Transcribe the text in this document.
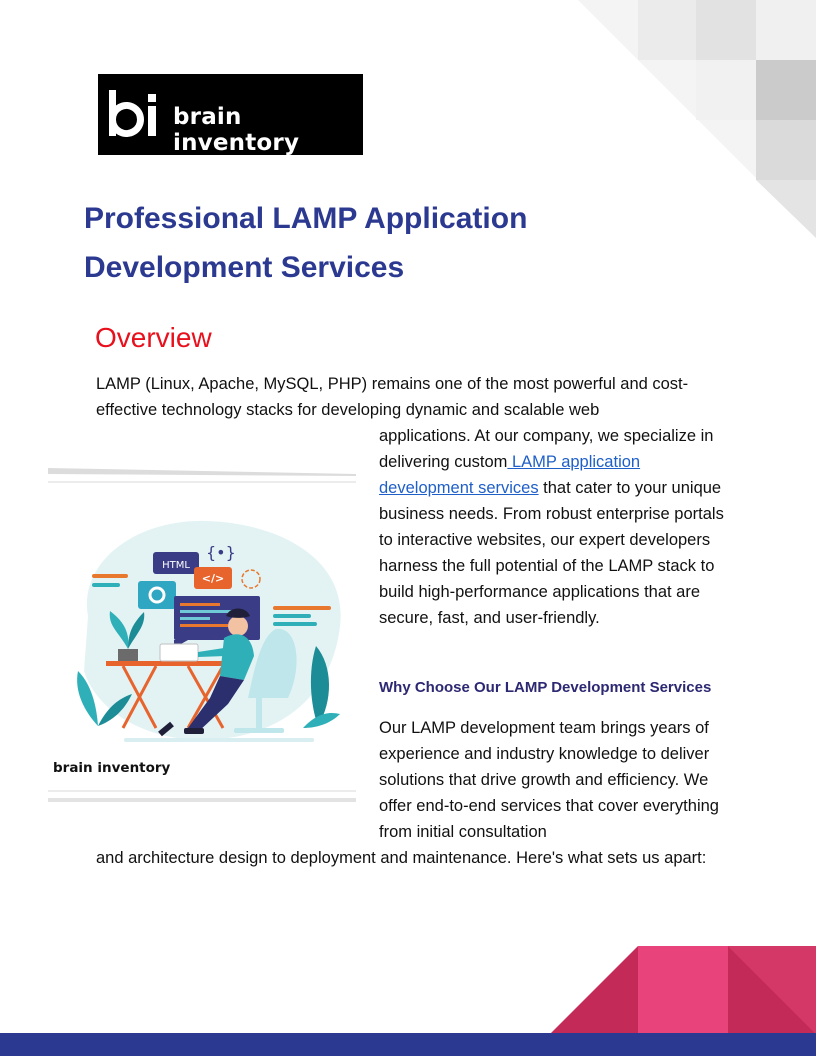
brain inventory
Professional LAMP Application Development Services
Overview

LAMP (Linux, Apache, MySQL, PHP) remains one of the most powerful and cost-effective technology stacks for developing dynamic and scalable web

applications. At our company, we specialize in delivering custom LAMP application development services that cater to your unique business needs. From robust enterprise portals to interactive websites, our expert developers harness the full potential of the LAMP stack to build high-performance applications that are secure, fast, and user-friendly.

HTML
{•}
</>
brain inventory
Why Choose Our LAMP Development Services

Our LAMP development team brings years of experience and industry knowledge to deliver solutions that drive growth and efficiency. We offer end-to-end services that cover everything from initial consultation

and architecture design to deployment and maintenance. Here's what sets us apart:
